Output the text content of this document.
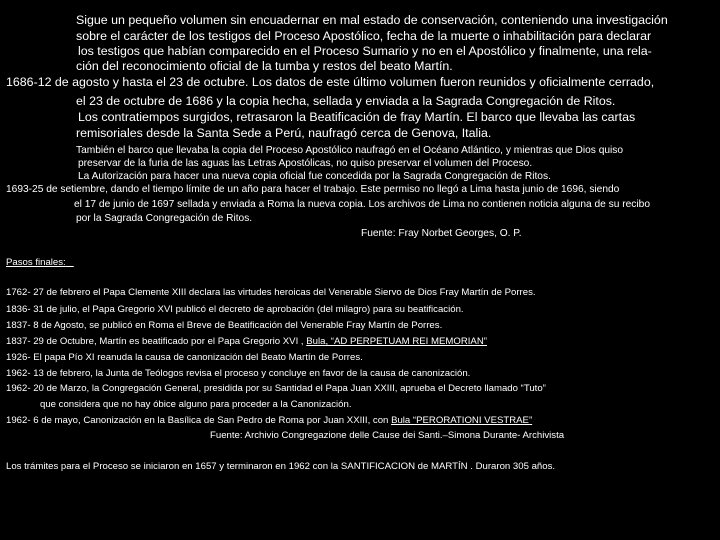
Sigue un pequeño volumen sin encuadernar en mal estado de conservación, conteniendo una investigación
sobre el carácter de los testigos del Proceso Apostólico, fecha de la muerte o inhabilitación para declarar
los testigos que habían comparecido en el Proceso Sumario y no en el Apostólico y finalmente, una rela-
ción del reconocimiento oficial de la tumba y restos del beato Martín.
1686-12 de agosto y hasta el 23 de octubre. Los datos de este último volumen fueron reunidos y oficialmente cerrado,
el 23 de octubre de 1686 y la copia hecha, sellada y enviada a la Sagrada Congregación de Ritos.
Los contratiempos surgidos, retrasaron la Beatificación de fray Martín. El barco que llevaba las cartas
remisoriales desde la Santa Sede a Perú, naufragó cerca de Genova, Italia.
También el barco que llevaba la copia del Proceso Apostólico naufragó en el Océano Atlántico, y mientras que Dios quiso
preservar de la furia de las aguas las Letras Apostólicas, no quiso preservar el volumen del Proceso.
La Autorización para hacer una nueva copia oficial fue concedida por la Sagrada Congregación de Ritos.
1693-25 de setiembre, dando el tiempo límite de un año para hacer el trabajo. Este permiso no llegó a Lima hasta junio de 1696, siendo
el 17 de junio de 1697 sellada y enviada a Roma la nueva copia. Los archivos de Lima no contienen noticia alguna de su recibo
por la Sagrada Congregación de Ritos.
Fuente: Fray Norbet Georges, O. P.
Pasos finales:
1762- 27 de febrero el Papa Clemente XIII declara las virtudes heroicas del Venerable Siervo de Dios Fray Martín de Porres.
1836- 31 de julio, el Papa Gregorio XVI publicó el decreto de aprobación (del milagro) para su beatificación.
1837- 8 de Agosto, se publicó en Roma el Breve de Beatificación del Venerable Fray Martín de Porres.
1837- 29 de Octubre, Martín es beatificado por el Papa Gregorio XVI , Bula, “AD PERPETUAM REI MEMORIAN”
1926- El papa Pío XI reanuda la causa de canonización del Beato Martín de Porres.
1962- 13 de febrero, la Junta de Teólogos revisa el proceso y concluye en favor de la causa de canonización.
1962- 20 de Marzo, la Congregación General, presidida por su Santidad el Papa Juan XXIII, aprueba el Decreto llamado “Tuto”
que considera que no hay óbice alguno para proceder a la Canonización.
1962- 6 de mayo, Canonización en la Basílica de San Pedro de Roma por Juan XXIII, con Bula “PERORATIONI VESTRAE”
Fuente: Archivio Congregazione delle Cause dei Santi.–Simona Durante- Archivista
Los trámites para el Proceso se iniciaron en 1657 y terminaron en 1962 con la SANTIFICACION de MARTÍN . Duraron 305 años.
